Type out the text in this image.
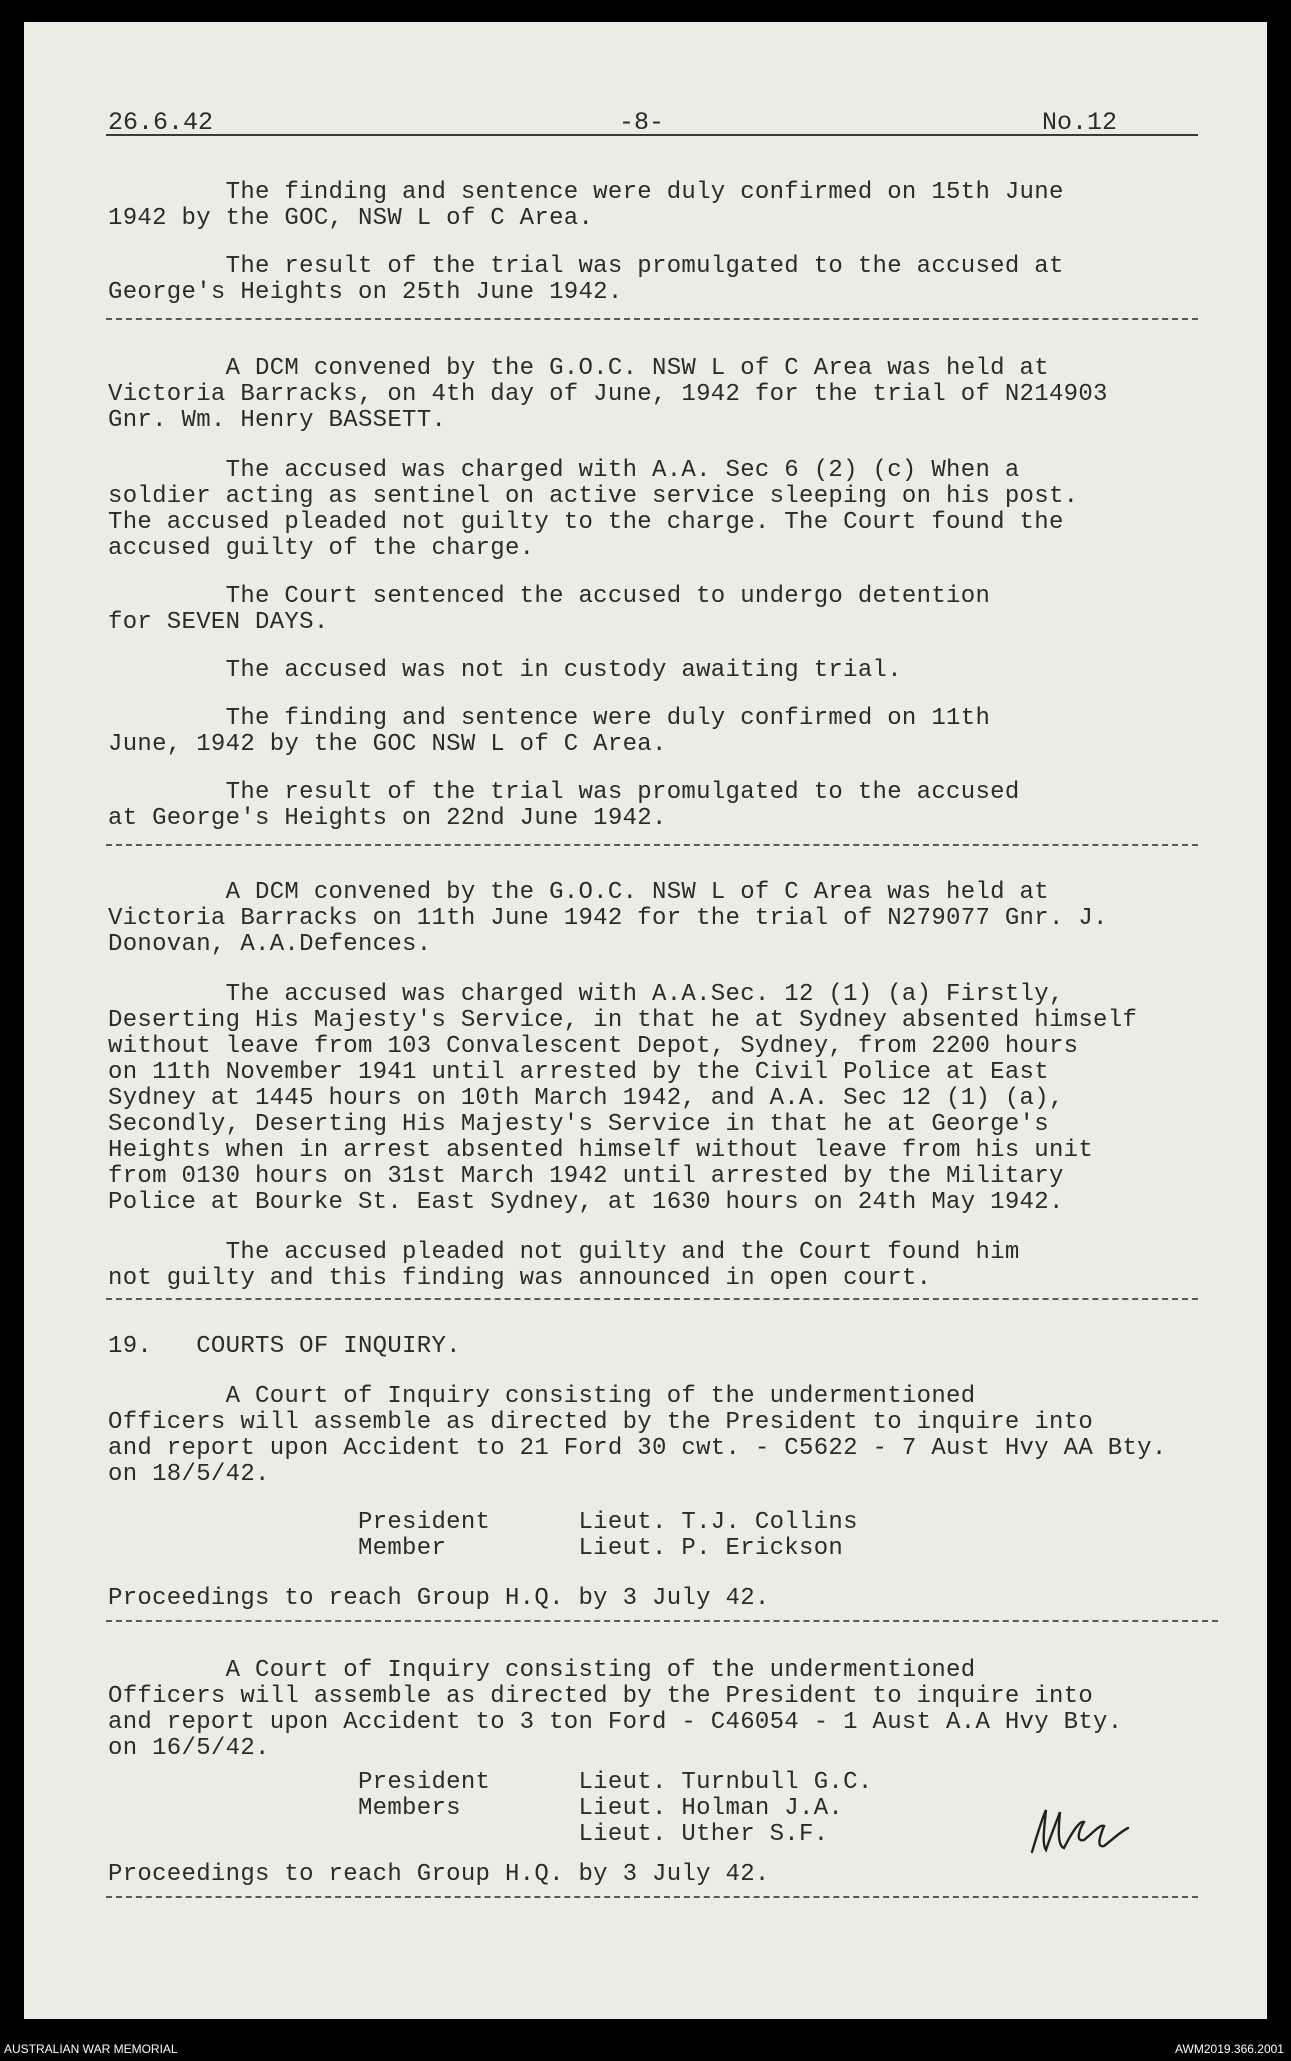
26.6.42	-8-	No.12
The finding and sentence were duly confirmed on 15th June
1942 by the GOC, NSW L of C Area.
The result of the trial was promulgated to the accused at
George's Heights on 25th June 1942.
A DCM convened by the G.O.C. NSW L of C Area was held at
Victoria Barracks, on 4th day of June, 1942 for the trial of N214903
Gnr. Wm. Henry BASSETT.
The accused was charged with A.A. Sec 6 (2) (c) When a
soldier acting as sentinel on active service sleeping on his post.
The accused pleaded not guilty to the charge. The Court found the
accused guilty of the charge.
The Court sentenced the accused to undergo detention
for SEVEN DAYS.
The accused was not in custody awaiting trial.
The finding and sentence were duly confirmed on 11th
June, 1942 by the GOC NSW L of C Area.
The result of the trial was promulgated to the accused
at George's Heights on 22nd June 1942.
A DCM convened by the G.O.C. NSW L of C Area was held at
Victoria Barracks on 11th June 1942 for the trial of N279077 Gnr. J.
Donovan, A.A.Defences.
The accused was charged with A.A.Sec. 12 (1) (a) Firstly,
Deserting His Majesty's Service, in that he at Sydney absented himself
without leave from 103 Convalescent Depot, Sydney, from 2200 hours
on 11th November 1941 until arrested by the Civil Police at East
Sydney at 1445 hours on 10th March 1942, and A.A. Sec 12 (1) (a),
Secondly, Deserting His Majesty's Service in that he at George's
Heights when in arrest absented himself without leave from his unit
from 0130 hours on 31st March 1942 until arrested by the Military
Police at Bourke St. East Sydney, at 1630 hours on 24th May 1942.
The accused pleaded not guilty and the Court found him
not guilty and this finding was announced in open court.
19.   COURTS OF INQUIRY.
A Court of Inquiry consisting of the undermentioned
Officers will assemble as directed by the President to inquire into
and report upon Accident to 21 Ford 30 cwt. - C5622 - 7 Aust Hvy AA Bty.
on 18/5/42.
President      Lieut. T.J. Collins
Member         Lieut. P. Erickson
Proceedings to reach Group H.Q. by 3 July 42.
A Court of Inquiry consisting of the undermentioned
Officers will assemble as directed by the President to inquire into
and report upon Accident to 3 ton Ford - C46054 - 1 Aust A.A Hvy Bty.
on 16/5/42.
President      Lieut. Turnbull G.C.
Members        Lieut. Holman J.A.
Lieut. Uther S.F.
Proceedings to reach Group H.Q. by 3 July 42.
AUSTRALIAN WAR MEMORIAL	AWM2019.366.2001
